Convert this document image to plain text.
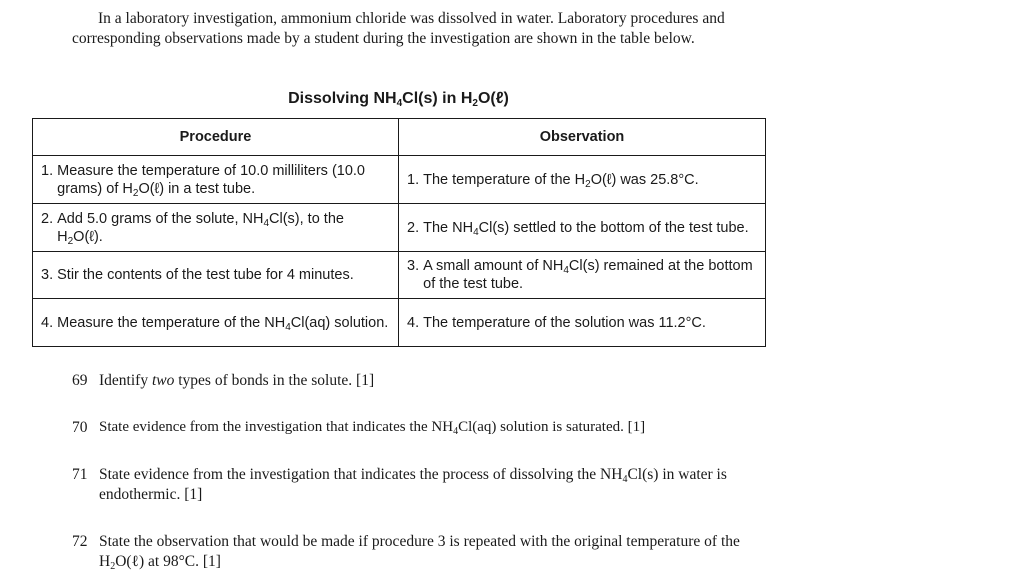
In a laboratory investigation, ammonium chloride was dissolved in water. Laboratory procedures and corresponding observations made by a student during the investigation are shown in the table below.

Dissolving $NH_4Cl(s)$ in $H_2O(\ell)$
Procedure	Observation

1. Measure the temperature of 10.0 milliliters (10.0 grams) of $H_2O(\ell)$ in a test tube.	1. The temperature of the $H_2O(\ell)$ was 25.8°C.

2. Add 5.0 grams of the solute, $NH_4Cl(s)$, to the $H_2O(\ell)$.	2. The $NH_4Cl(s)$ settled to the bottom of the test tube.

3. Stir the contents of the test tube for 4 minutes.	3. A small amount of $NH_4Cl(s)$ remained at the bottom of the test tube.

4. Measure the temperature of the $NH_4Cl(aq)$ solution.	4. The temperature of the solution was 11.2°C.
69 Identify two types of bonds in the solute. [1]
70 State evidence from the investigation that indicates the $NH_4Cl(aq)$ solution is saturated. [1]
71 State evidence from the investigation that indicates the process of dissolving the $NH_4Cl(s)$ in water is endothermic. [1]
72 State the observation that would be made if procedure 3 is repeated with the original temperature of the $H_2O(\ell)$ at 98°C. [1]
